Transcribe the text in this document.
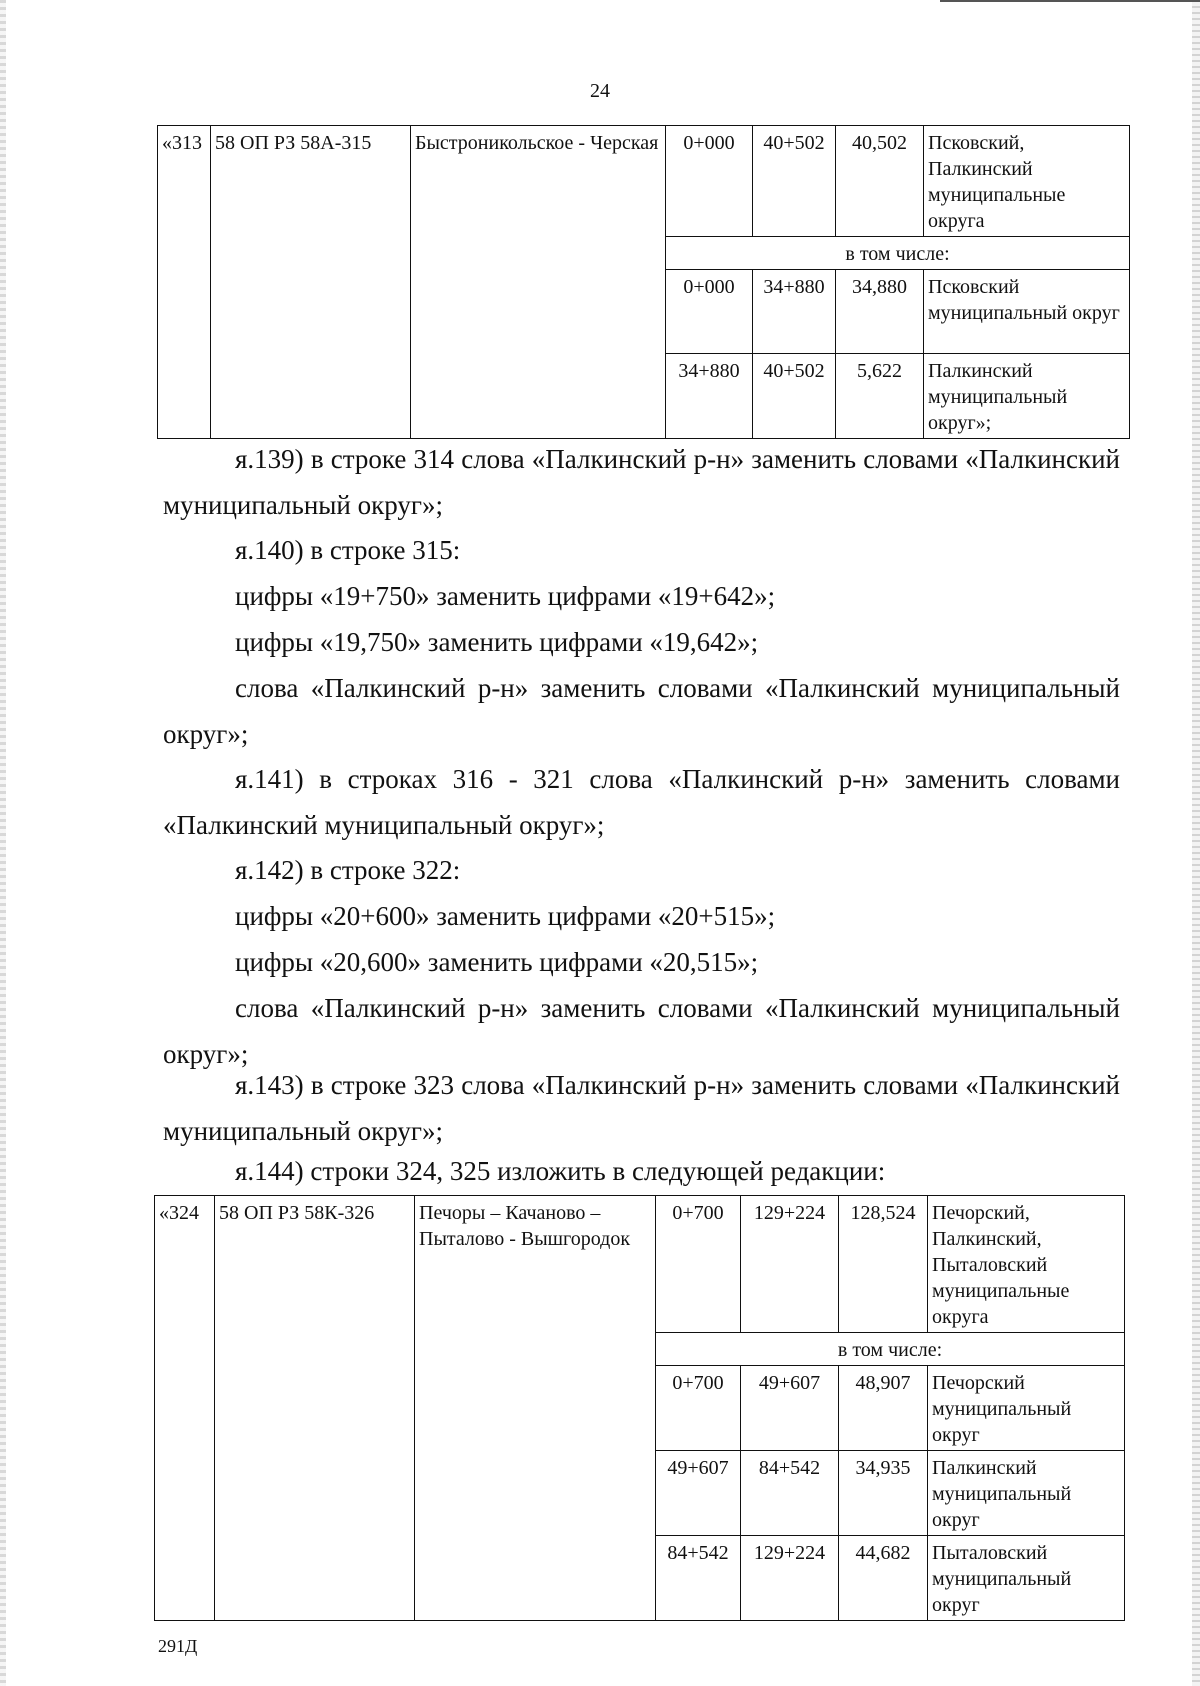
24
«313	58 ОП РЗ 58А-315	Быстроникольское - Черская	0+000	40+502	40,502	Псковский, Палкинский муниципальные округа
			в том числе:			
			0+000	34+880	34,880	Псковский муниципальный округ
			34+880	40+502	5,622	Палкинский муниципальный округ»;

я.139) в строке 314 слова «Палкинский р-н» заменить словами «Палкинский муниципальный округ»;

я.140) в строке 315:

цифры «19+750» заменить цифрами «19+642»;

цифры «19,750» заменить цифрами «19,642»;

слова «Палкинский р-н» заменить словами «Палкинский муниципальный округ»;

я.141) в строках 316 - 321 слова «Палкинский р-н» заменить словами «Палкинский муниципальный округ»;

я.142) в строке 322:

цифры «20+600» заменить цифрами «20+515»;

цифры «20,600» заменить цифрами «20,515»;

слова «Палкинский р-н» заменить словами «Палкинский муниципальный округ»;

я.143) в строке 323 слова «Палкинский р-н» заменить словами «Палкинский муниципальный округ»;

я.144) строки 324, 325 изложить в следующей редакции:

«324	58 ОП РЗ 58К-326	Печоры – Качаново – Пыталово - Вышгородок	0+700	129+224	128,524	Печорский, Палкинский, Пыталовский муниципальные округа
			в том числе:			
			0+700	49+607	48,907	Печорский муниципальный округ
			49+607	84+542	34,935	Палкинский муниципальный округ
			84+542	129+224	44,682	Пыталовский муниципальный округ
291Д
